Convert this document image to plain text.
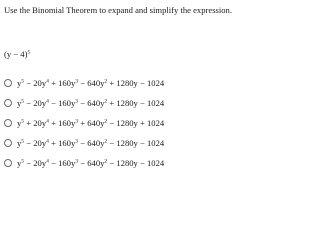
Use the Binomial Theorem to expand and simplify the expression.
$(y - 4)^5$
$y^5 - 20y^4 + 160y^3 - 640y^2 + 1280y - 1024$
$y^5 - 20y^4 - 160y^3 - 640y^2 + 1280y - 1024$
$y^5 + 20y^4 + 160y^3 + 640y^2 - 1280y + 1024$
$y^5 - 20y^4 + 160y^3 - 640y^2 - 1280y - 1024$
$y^5 - 20y^4 - 160y^3 - 640y^2 - 1280y - 1024$
